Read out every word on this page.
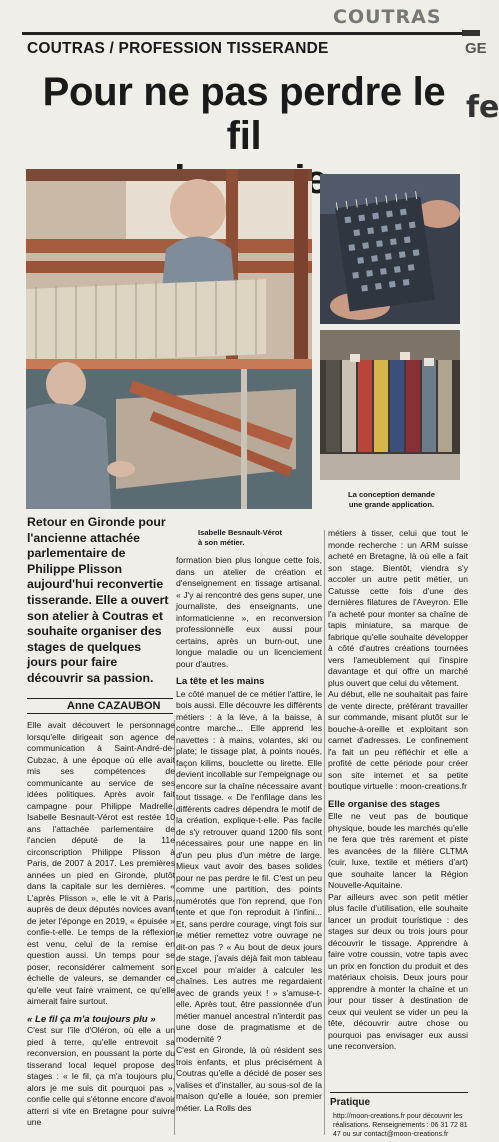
COUTRAS
COUTRAS / PROFESSION TISSERANDE	GE
fe
Pour ne pas perdre le fil
Isabelle Besnault-Vérot
à son métier.
La conception demande
une grande application.
Retour en Gironde pour l'ancienne attachée parlementaire de Philippe Plisson aujourd'hui reconvertie tisserande. Elle a ouvert son atelier à Coutras et souhaite organiser des stages de quelques jours pour faire découvrir sa passion.
Anne CAZAUBON

Elle avait découvert le personnage lorsqu'elle dirigeait son agence de communication à Saint-André-de-Cubzac, à une époque où elle avait mis ses compétences de communicante au service de ses idées politiques. Après avoir fait campagne pour Philippe Madrelle, Isabelle Besnault-Vérot est restée 10 ans l'attachée parlementaire de l'ancien député de la 11e circonscription Philippe Plisson à Paris, de 2007 à 2017. Les premières années un pied en Gironde, plutôt dans la capitale sur les dernières. « L'après Plisson », elle le vit à Paris, auprès de deux députés novices avant de jeter l'éponge en 2019, « épuisée » confie-t-elle. Le temps de la réflexion est venu, celui de la remise en question aussi. Un temps pour se poser, reconsidérer calmement son échelle de valeurs, se demander ce qu'elle veut faire vraiment, ce qu'elle aimerait faire surtout.

« Le fil ça m'a toujours plu »

C'est sur l'île d'Oléron, où elle a un pied à terre, qu'elle entrevoit sa reconversion, en poussant la porte du tisserand local lequel propose des stages : « le fil, ça m'a toujours plu, alors je me suis dit pourquoi pas », confie celle qui s'étonne encore d'avoir atterri si vite en Bretagne pour suivre une

formation bien plus longue cette fois, dans un atelier de création et d'enseignement en tissage artisanal. « J'y ai rencontré des gens super, une journaliste, des enseignants, une informaticienne », en reconversion professionnelle eux aussi pour certains, après un burn-out, une longue maladie ou un licenciement pour d'autres.

La tête et les mains

Le côté manuel de ce métier l'attire, le bois aussi. Elle découvre les différents métiers : à la lève, à la baisse, à contre marche... Elle apprend les navettes : à mains, volantes, ski ou plate; le tissage plat, à points noués, façon kilims, bouclette ou lirette. Elle devient incollable sur l'empeignage ou encore sur la chaîne nécessaire avant tout tissage. « De l'enfilage dans les différents cadres dépendra le motif de la création, explique-t-elle. Pas facile de s'y retrouver quand 1200 fils sont nécessaires pour une nappe en lin d'un peu plus d'un mètre de large. Mieux vaut avoir des bases solides pour ne pas perdre le fil. C'est un peu comme une partition, des points numérotés que l'on reprend, que l'on tente et que l'on reproduit à l'infini... Et, sans perdre courage, vingt fois sur le métier remettez votre ouvrage ne dit-on pas ? « Au bout de deux jours de stage, j'avais déjà fait mon tableau Excel pour m'aider à calculer les chaînes. Les autres me regardaient avec de grands yeux ! » s'amuse-t-elle. Après tout, être passionnée d'un métier manuel ancestral n'interdit pas une dose de pragmatisme et de modernité ?

C'est en Gironde, là où résident ses trois enfants, et plus précisément à Coutras qu'elle a décidé de poser ses valises et d'installer, au sous-sol de la maison qu'elle a louée, son premier métier. La Rolls des

métiers à tisser, celui que tout le monde recherche : un ARM suisse acheté en Bretagne, là où elle a fait son stage. Bientôt, viendra s'y accoler un autre petit métier, un Catusse cette fois d'une des dernières filatures de l'Aveyron. Elle l'a acheté pour monter sa chaîne de tapis miniature, sa marque de fabrique qu'elle souhaite développer à côté d'autres créations tournées vers l'ameublement qui l'inspire davantage et qui offre un marché plus ouvert que celui du vêtement.

Au début, elle ne souhaitait pas faire de vente directe, préférant travailler sur commande, misant plutôt sur le bouche-à-oreille et exploitant son carnet d'adresses. Le confinement l'a fait un peu réfléchir et elle a profité de cette période pour créer son site internet et sa petite boutique virtuelle : moon-creations.fr

Elle organise des stages

Elle ne veut pas de boutique physique, boude les marchés qu'elle ne fera que très rarement et piste les avancées de la filière CLTMA (cuir, luxe, textile et métiers d'art) que souhaite lancer la Région Nouvelle-Aquitaine.

Par ailleurs avec son petit métier plus facile d'utilisation, elle souhaite lancer un produit touristique : des stages sur deux ou trois jours pour découvrir le tissage. Apprendre à faire votre coussin, votre tapis avec un prix en fonction du produit et des matériaux choisis. Deux jours pour apprendre à monter la chaîne et un jour pour tisser à destination de ceux qui veulent se vider un peu la tête, découvrir autre chose ou pourquoi pas envisager eux aussi une reconversion.

Pratique
http://moon-creations.fr pour découvrir les réalisations. Renseignements : 06 31 72 81 47 ou sur contact@moon-creations.fr
